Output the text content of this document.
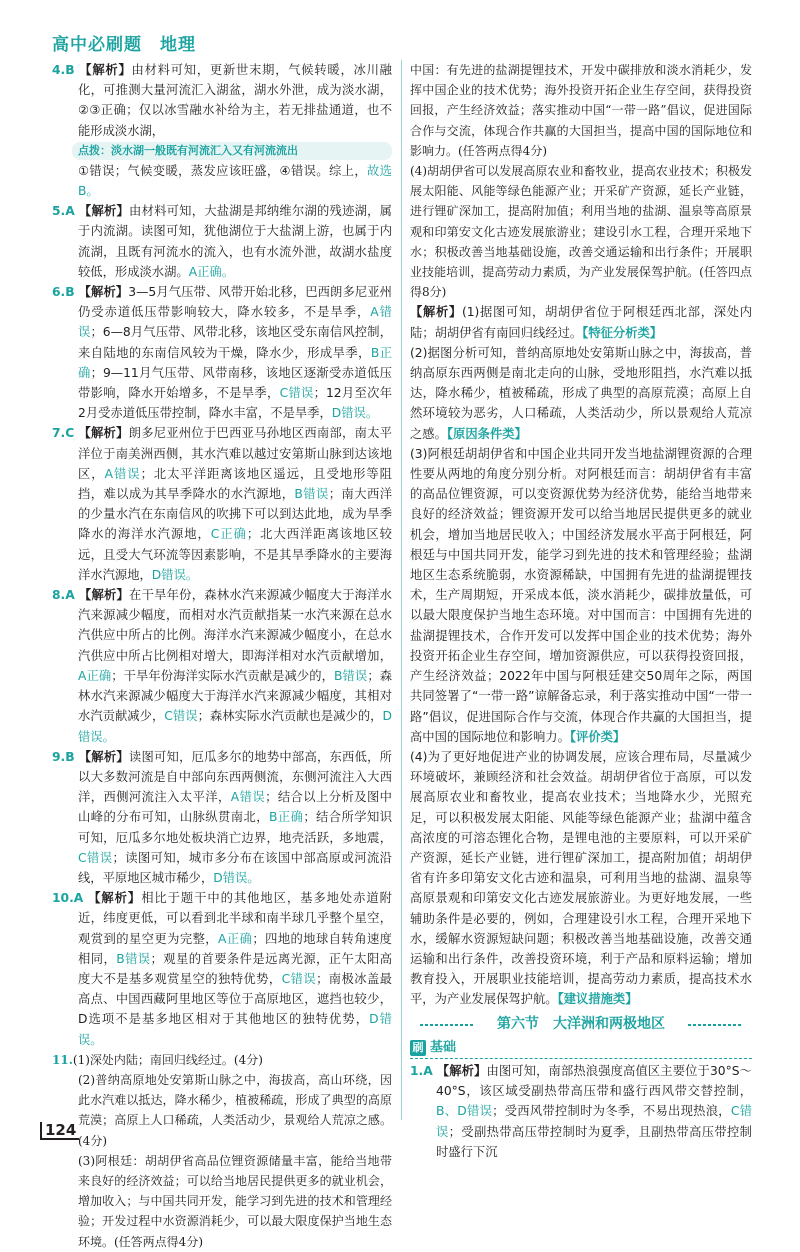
高中必刷题　地理

4.B 【解析】由材料可知，更新世末期，气候转暖，冰川融化，可推测大量河流汇入湖盆，湖水外泄，成为淡水湖，②③正确；仅以冰雪融水补给为主，若无排盐通道，也不能形成淡水湖，

点拨：淡水湖一般既有河流汇入又有河流流出

①错误；气候变暖，蒸发应该旺盛，④错误。综上，故选B。

5.A 【解析】由材料可知，大盐湖是邦纳维尔湖的残迹湖，属于内流湖。读图可知，犹他湖位于大盐湖上游，也属于内流湖，且既有河流水的流入，也有水流外泄，故湖水盐度较低，形成淡水湖。A正确。

6.B 【解析】3—5月气压带、风带开始北移，巴西朗多尼亚州仍受赤道低压带影响较大，降水较多，不是旱季，A错误；6—8月气压带、风带北移，该地区受东南信风控制，来自陆地的东南信风较为干燥，降水少，形成旱季，B正确；9—11月气压带、风带南移，该地区逐渐受赤道低压带影响，降水开始增多，不是旱季，C错误；12月至次年2月受赤道低压带控制，降水丰富，不是旱季，D错误。

7.C 【解析】朗多尼亚州位于巴西亚马孙地区西南部，南太平洋位于南美洲西侧，其水汽难以越过安第斯山脉到达该地区，A错误；北太平洋距离该地区遥远，且受地形等阻挡，难以成为其旱季降水的水汽源地，B错误；南大西洋的少量水汽在东南信风的吹拂下可以到达此地，成为旱季降水的海洋水汽源地，C正确；北大西洋距离该地区较远，且受大气环流等因素影响，不是其旱季降水的主要海洋水汽源地，D错误。

8.A 【解析】在干旱年份，森林水汽来源减少幅度大于海洋水汽来源减少幅度，而相对水汽贡献指某一水汽来源在总水汽供应中所占的比例。海洋水汽来源减少幅度小，在总水汽供应中所占比例相对增大，即海洋相对水汽贡献增加，A正确；干旱年份海洋实际水汽贡献是减少的，B错误；森林水汽来源减少幅度大于海洋水汽来源减少幅度，其相对水汽贡献减少，C错误；森林实际水汽贡献也是减少的，D错误。

9.B 【解析】读图可知，厄瓜多尔的地势中部高，东西低，所以大多数河流是自中部向东西两侧流，东侧河流注入大西洋，西侧河流注入太平洋，A错误；结合以上分析及图中山峰的分布可知，山脉纵贯南北，B正确；结合所学知识可知，厄瓜多尔地处板块消亡边界，地壳活跃，多地震，C错误；读图可知，城市多分布在该国中部高原或河流沿线，平原地区城市稀少，D错误。

10.A 【解析】相比于题干中的其他地区，基多地处赤道附近，纬度更低，可以看到北半球和南半球几乎整个星空，观赏到的星空更为完整，A正确；四地的地球自转角速度相同，B错误；观星的首要条件是远离光源，正午太阳高度大不是基多观赏星空的独特优势，C错误；南极冰盖最高点、中国西藏阿里地区等位于高原地区，遮挡也较少，D选项不是基多地区相对于其他地区的独特优势，D错误。

11.(1)深处内陆；南回归线经过。(4分)

(2)普纳高原地处安第斯山脉之中，海拔高，高山环绕，因此水汽难以抵达，降水稀少，植被稀疏，形成了典型的高原荒漠；高原上人口稀疏，人类活动少，景观给人荒凉之感。(4分)

(3)阿根廷：胡胡伊省高品位锂资源储量丰富，能给当地带来良好的经济效益；可以给当地居民提供更多的就业机会，增加收入；与中国共同开发，能学习到先进的技术和管理经验；开发过程中水资源消耗少，可以最大限度保护当地生态环境。(任答两点得4分)

中国：有先进的盐湖提锂技术，开发中碳排放和淡水消耗少，发挥中国企业的技术优势；海外投资开拓企业生存空间，获得投资回报，产生经济效益；落实推动中国“一带一路”倡议，促进国际合作与交流，体现合作共赢的大国担当，提高中国的国际地位和影响力。(任答两点得4分)

(4)胡胡伊省可以发展高原农业和畜牧业，提高农业技术；积极发展太阳能、风能等绿色能源产业；开采矿产资源，延长产业链，进行锂矿深加工，提高附加值；利用当地的盐湖、温泉等高原景观和印第安文化古迹发展旅游业；建设引水工程，合理开采地下水；积极改善当地基础设施，改善交通运输和出行条件；开展职业技能培训，提高劳动力素质，为产业发展保驾护航。(任答四点得8分)

【解析】(1)据图可知，胡胡伊省位于阿根廷西北部，深处内陆；胡胡伊省有南回归线经过。【特征分析类】

(2)据图分析可知，普纳高原地处安第斯山脉之中，海拔高，普纳高原东西两侧是南北走向的山脉，受地形阻挡，水汽难以抵达，降水稀少，植被稀疏，形成了典型的高原荒漠；高原上自然环境较为恶劣，人口稀疏，人类活动少，所以景观给人荒凉之感。【原因条件类】

(3)阿根廷胡胡伊省和中国企业共同开发当地盐湖锂资源的合理性要从两地的角度分别分析。对阿根廷而言：胡胡伊省有丰富的高品位锂资源，可以变资源优势为经济优势，能给当地带来良好的经济效益；锂资源开发可以给当地居民提供更多的就业机会，增加当地居民收入；中国经济发展水平高于阿根廷，阿根廷与中国共同开发，能学习到先进的技术和管理经验；盐湖地区生态系统脆弱，水资源稀缺，中国拥有先进的盐湖提锂技术，生产周期短，开采成本低，淡水消耗少，碳排放量低，可以最大限度保护当地生态环境。对中国而言：中国拥有先进的盐湖提锂技术，合作开发可以发挥中国企业的技术优势；海外投资开拓企业生存空间，增加资源供应，可以获得投资回报，产生经济效益；2022年中国与阿根廷建交50周年之际，两国共同签署了“一带一路”谅解备忘录，利于落实推动中国“一带一路”倡议，促进国际合作与交流，体现合作共赢的大国担当，提高中国的国际地位和影响力。【评价类】

(4)为了更好地促进产业的协调发展，应该合理布局，尽量减少环境破坏，兼顾经济和社会效益。胡胡伊省位于高原，可以发展高原农业和畜牧业，提高农业技术；当地降水少，光照充足，可以积极发展太阳能、风能等绿色能源产业；盐湖中蕴含高浓度的可溶态锂化合物，是锂电池的主要原料，可以开采矿产资源，延长产业链，进行锂矿深加工，提高附加值；胡胡伊省有许多印第安文化古迹和温泉，可利用当地的盐湖、温泉等高原景观和印第安文化古迹发展旅游业。为更好地发展，一些辅助条件是必要的，例如，合理建设引水工程，合理开采地下水，缓解水资源短缺问题；积极改善当地基础设施，改善交通运输和出行条件，改善投资环境，利于产品和原料运输；增加教育投入，开展职业技能培训，提高劳动力素质，提高技术水平，为产业发展保驾护航。【建议措施类】

第六节　大洋洲和两极地区
刷 基础

1.A 【解析】由图可知，南部热浪强度高值区主要位于30°S～40°S，该区域受副热带高压带和盛行西风带交替控制，B、D错误；受西风带控制时为冬季，不易出现热浪，C错误；受副热带高压带控制时为夏季，且副热带高压带控制时盛行下沉

124
